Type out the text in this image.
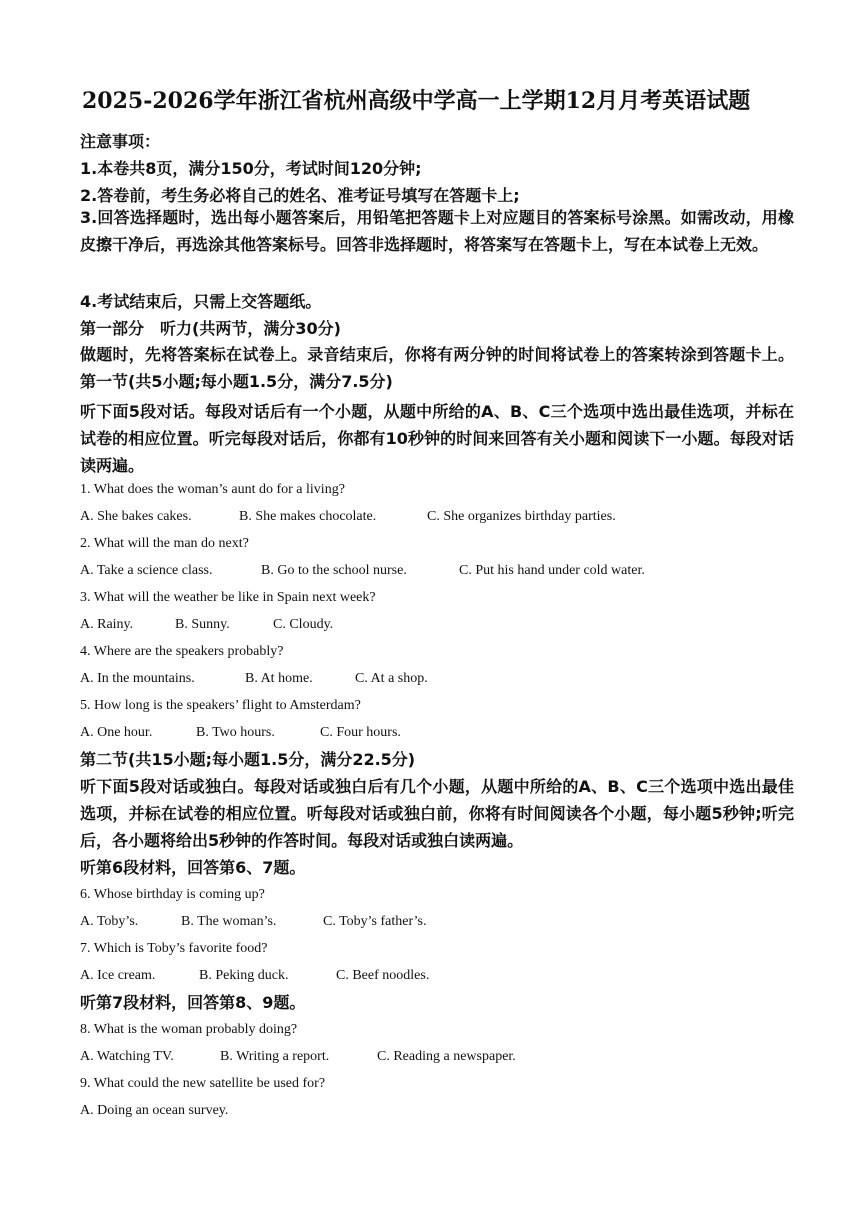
2025-2026学年浙江省杭州高级中学高一上学期12月月考英语试题
注意事项：
1.本卷共8页，满分150分，考试时间120分钟;
2.答卷前，考生务必将自己的姓名、准考证号填写在答题卡上;
3.回答选择题时，选出每小题答案后，用铅笔把答题卡上对应题目的答案标号涂黑。如需改动，用橡皮擦干净后，再选涂其他答案标号。回答非选择题时，将答案写在答题卡上，写在本试卷上无效。
4.考试结束后，只需上交答题纸。
第一部分　听力(共两节，满分30分)
做题时，先将答案标在试卷上。录音结束后，你将有两分钟的时间将试卷上的答案转涂到答题卡上。第一节(共5小题;每小题1.5分，满分7.5分)
听下面5段对话。每段对话后有一个小题，从题中所给的A、B、C三个选项中选出最佳选项，并标在试卷的相应位置。听完每段对话后，你都有10秒钟的时间来回答有关小题和阅读下一小题。每段对话读两遍。
1. What does the woman’s aunt do for a living?
A. She bakes cakes.	B. She makes chocolate.	C. She organizes birthday parties.
2. What will the man do next?
A. Take a science class.	B. Go to the school nurse.	C. Put his hand under cold water.
3. What will the weather be like in Spain next week?
A. Rainy.	B. Sunny.	C. Cloudy.
4. Where are the speakers probably?
A. In the mountains.	B. At home.	C. At a shop.
5. How long is the speakers’ flight to Amsterdam?
A. One hour.	B. Two hours.	C. Four hours.
第二节(共15小题;每小题1.5分，满分22.5分)
听下面5段对话或独白。每段对话或独白后有几个小题，从题中所给的A、B、C三个选项中选出最佳选项，并标在试卷的相应位置。听每段对话或独白前，你将有时间阅读各个小题，每小题5秒钟;听完后，各小题将给出5秒钟的作答时间。每段对话或独白读两遍。
听第6段材料，回答第6、7题。
6. Whose birthday is coming up?
A. Toby’s.	B. The woman’s.	C. Toby’s father’s.
7. Which is Toby’s favorite food?
A. Ice cream.	B. Peking duck.	C. Beef noodles.
听第7段材料，回答第8、9题。
8. What is the woman probably doing?
A. Watching TV.	B. Writing a report.	C. Reading a newspaper.
9. What could the new satellite be used for?
A. Doing an ocean survey.
